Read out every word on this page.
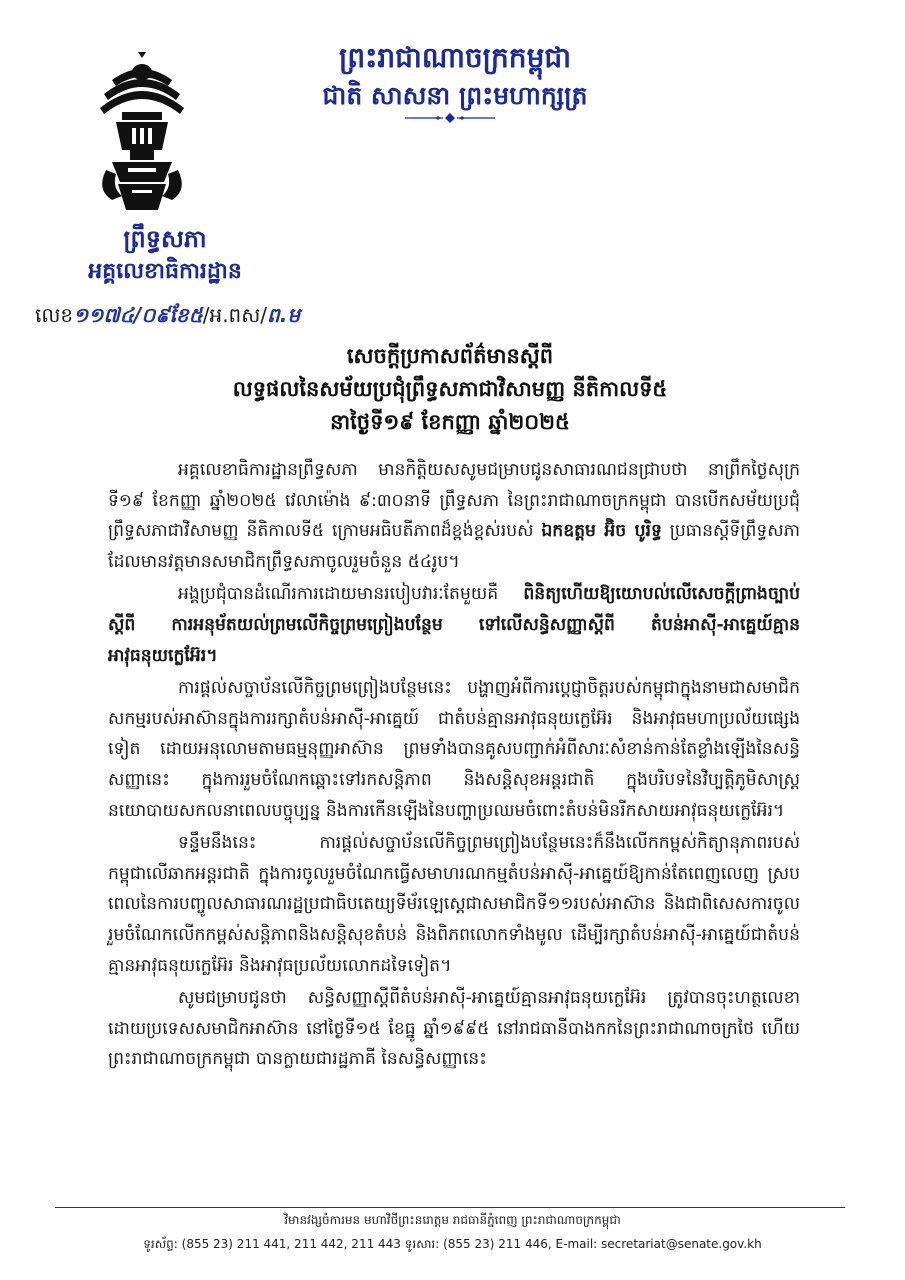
ព្រះរាជាណាចក្រកម្ពុជា
ជាតិ សាសនា ព្រះមហាក្សត្រ
ព្រឹទ្ធសភា
អគ្គលេខាធិការដ្ឋាន
លេខ១១៧៤/០៩ខែ៥/អ.ពស/ព.ម
សេចក្ដីប្រកាសព័ត៌មានស្ដីពី
លទ្ធផលនៃសម័យប្រជុំព្រឹទ្ធសភាជាវិសាមញ្ញ នីតិកាលទី៥
នាថ្ងៃទី១៩ ខែកញ្ញា ឆ្នាំ២០២៥

អគ្គលេខាធិការដ្ឋានព្រឹទ្ធសភា មានកិត្តិយសសូមជម្រាបជូនសាធារណជនជ្រាបថា នាព្រឹកថ្ងៃសុក្រ ទី១៩ ខែកញ្ញា ឆ្នាំ២០២៥ វេលាម៉ោង ៩:៣០នាទី ព្រឹទ្ធសភា នៃព្រះរាជាណាចក្រកម្ពុជា បានបើកសម័យប្រជុំព្រឹទ្ធសភាជាវិសាមញ្ញ នីតិកាលទី៥ ក្រោមអធិបតីភាពដ៏ខ្ពង់ខ្ពស់របស់ ឯកឧត្ដម អ៊ិច បូរិទ្ធ ប្រធានស្ដីទីព្រឹទ្ធសភា ដែលមានវត្តមានសមាជិកព្រឹទ្ធសភាចូលរួមចំនួន ៥៤រូប។

អង្គប្រជុំបានដំណើរការដោយមានរបៀបវារៈតែមួយគឺ ពិនិត្យហើយឱ្យយោបល់លើសេចក្ដីព្រាងច្បាប់ស្ដីពី ការអនុម័តយល់ព្រមលើកិច្ចព្រមព្រៀងបន្ថែម ទៅលើសន្ធិសញ្ញាស្ដីពី តំបន់អាស៊ី-អាគ្នេយ៍គ្មានអាវុធនុយក្លេអ៊ែរ។

ការផ្ដល់សច្ចាប័នលើកិច្ចព្រមព្រៀងបន្ថែមនេះ បង្ហាញអំពីការប្ដេជ្ញាចិត្តរបស់កម្ពុជាក្នុងនាមជាសមាជិកសកម្មរបស់អាស៊ានក្នុងការរក្សាតំបន់អាស៊ី-អាគ្នេយ៍ ជាតំបន់គ្មានអាវុធនុយក្លេអ៊ែរ និងអាវុធមហាប្រល័យផ្សេងទៀត ដោយអនុលោមតាមធម្មនុញ្ញអាស៊ាន ព្រមទាំងបានគូសបញ្ជាក់អំពីសារៈសំខាន់កាន់តែខ្លាំងឡើងនៃសន្ធិសញ្ញានេះ ក្នុងការរួមចំណែកឆ្ពោះទៅរកសន្តិភាព និងសន្តិសុខអន្តរជាតិ ក្នុងបរិបទនៃវិប្បត្តិភូមិសាស្ត្រនយោបាយសកលនាពេលបច្ចុប្បន្ន និងការកើនឡើងនៃបញ្ហាប្រឈមចំពោះតំបន់មិនរីកសាយអាវុធនុយក្លេអ៊ែរ។

ទន្ទឹមនឹងនេះ ការផ្ដល់សច្ចាប័នលើកិច្ចព្រមព្រៀងបន្ថែមនេះក៏នឹងលើកកម្ពស់កិត្យានុភាពរបស់កម្ពុជាលើឆាកអន្តរជាតិ ក្នុងការចូលរួមចំណែកធ្វើសមាហរណកម្មតំបន់អាស៊ី-អាគ្នេយ៍ឱ្យកាន់តែពេញលេញ ស្របពេលនៃការបញ្ចូលសាធារណរដ្ឋប្រជាធិបតេយ្យទីម័រឡេស្តេជាសមាជិកទី១១របស់អាស៊ាន និងជាពិសេសការចូលរួមចំណែកលើកកម្ពស់សន្តិភាពនិងសន្តិសុខតំបន់ និងពិភពលោកទាំងមូល ដើម្បីរក្សាតំបន់អាស៊ី-អាគ្នេយ៍ជាតំបន់គ្មានអាវុធនុយក្លេអ៊ែរ និងអាវុធប្រល័យលោកដទៃទៀត។

សូមជម្រាបជូនថា សន្ធិសញ្ញាស្ដីពីតំបន់អាស៊ី-អាគ្នេយ៍គ្មានអាវុធនុយក្លេអ៊ែរ ត្រូវបានចុះហត្ថលេខាដោយប្រទេសសមាជិកអាស៊ាន នៅថ្ងៃទី១៥ ខែធ្នូ ឆ្នាំ១៩៩៥ នៅរាជធានីបាងកកនៃព្រះរាជាណាចក្រថៃ ហើយព្រះរាជាណាចក្រកម្ពុជា បានក្លាយជារដ្ឋភាគី នៃសន្ធិសញ្ញានេះ

វិមានវង្សចំការមន មហាវិថីព្រះនរោត្តម រាជធានីភ្នំពេញ ព្រះរាជាណាចក្រកម្ពុជា
ទូរស័ព្ទ: (855 23) 211 441, 211 442, 211 443 ទូរសារ: (855 23) 211 446, E-mail: secretariat@senate.gov.kh
